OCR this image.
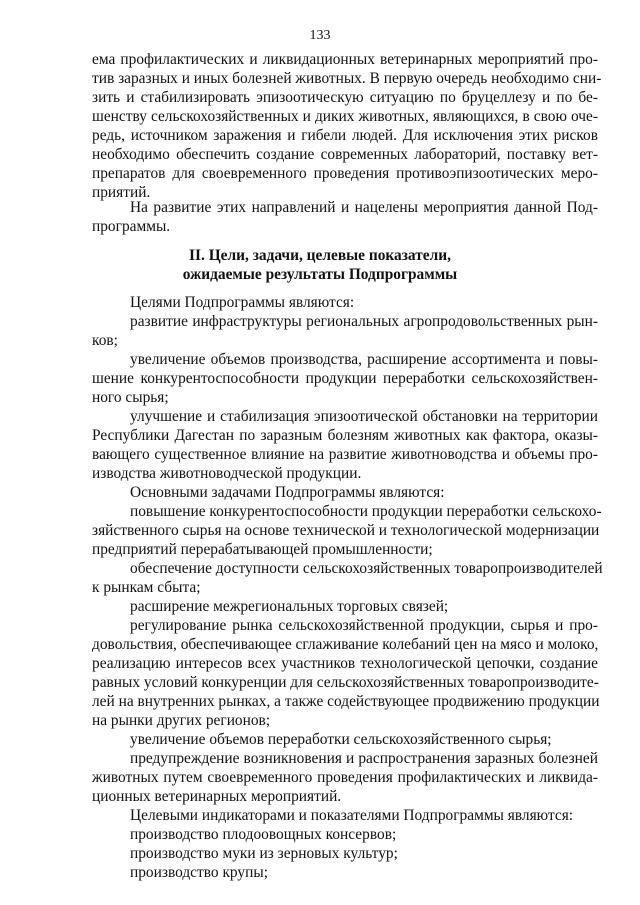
133
ема профилактических и ликвидационных ветеринарных мероприятий про-
тив заразных и иных болезней животных. В первую очередь необходимо сни-
зить и стабилизировать эпизоотическую ситуацию по бруцеллезу и по бе-
шенству сельскохозяйственных и диких животных, являющихся, в свою оче-
редь, источником заражения и гибели людей. Для исключения этих рисков
необходимо обеспечить создание современных лабораторий, поставку вет-
препаратов для своевременного проведения противоэпизоотических меро-
приятий.
На развитие этих направлений и нацелены мероприятия данной Под-
программы.
II. Цели, задачи, целевые показатели,
ожидаемые результаты Подпрограммы
Целями Подпрограммы являются:
развитие инфраструктуры региональных агропродовольственных рын-
ков;
увеличение объемов производства, расширение ассортимента и повы-
шение конкурентоспособности продукции переработки сельскохозяйствен-
ного сырья;
улучшение и стабилизация эпизоотической обстановки на территории
Республики Дагестан по заразным болезням животных как фактора, оказы-
вающего существенное влияние на развитие животноводства и объемы про-
изводства животноводческой продукции.
Основными задачами Подпрограммы являются:
повышение конкурентоспособности продукции переработки сельскохо-
зяйственного сырья на основе технической и технологической модернизации
предприятий перерабатывающей промышленности;
обеспечение доступности сельскохозяйственных товаропроизводителей
к рынкам сбыта;
расширение межрегиональных торговых связей;
регулирование рынка сельскохозяйственной продукции, сырья и про-
довольствия, обеспечивающее сглаживание колебаний цен на мясо и молоко,
реализацию интересов всех участников технологической цепочки, создание
равных условий конкуренции для сельскохозяйственных товаропроизводите-
лей на внутренних рынках, а также содействующее продвижению продукции
на рынки других регионов;
увеличение объемов переработки сельскохозяйственного сырья;
предупреждение возникновения и распространения заразных болезней
животных путем своевременного проведения профилактических и ликвида-
ционных ветеринарных мероприятий.
Целевыми индикаторами и показателями Подпрограммы являются:
производство плодоовощных консервов;
производство муки из зерновых культур;
производство крупы;
